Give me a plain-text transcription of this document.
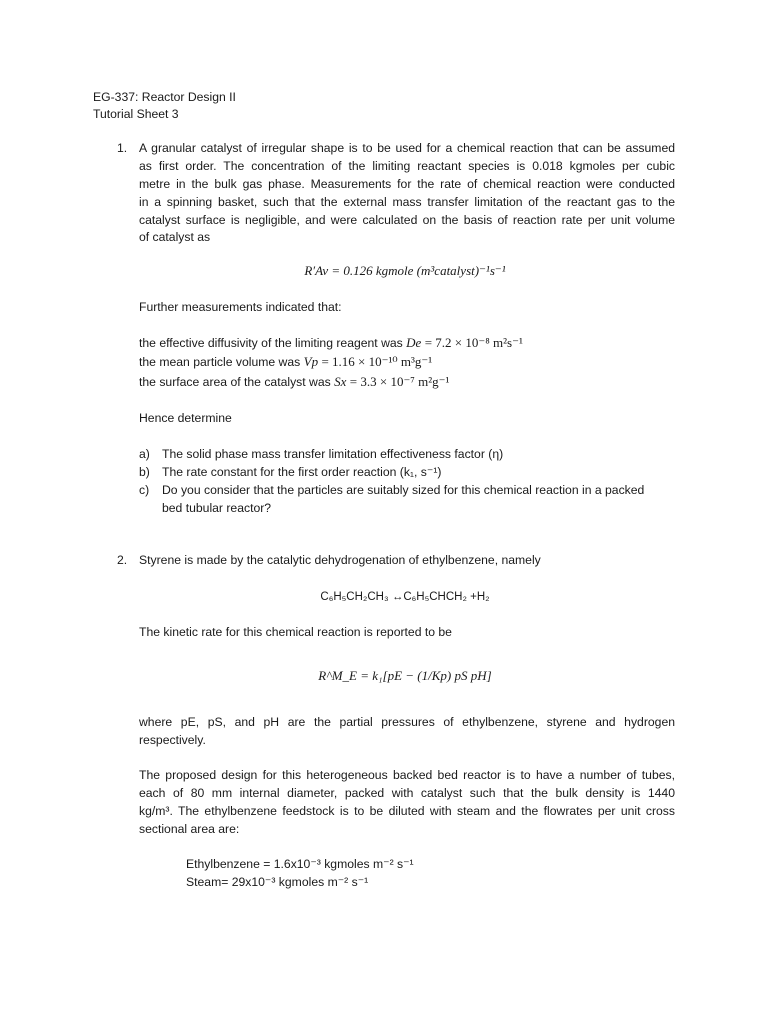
EG-337: Reactor Design II
Tutorial Sheet 3
1. A granular catalyst of irregular shape is to be used for a chemical reaction that can be assumed
as first order. The concentration of the limiting reactant species is 0.018 kgmoles per cubic
metre in the bulk gas phase. Measurements for the rate of chemical reaction were conducted
in a spinning basket, such that the external mass transfer limitation of the reactant gas to the
catalyst surface is negligible, and were calculated on the basis of reaction rate per unit volume
of catalyst as
R′Av = 0.126 kgmole (m³catalyst)⁻¹s⁻¹
Further measurements indicated that:
the effective diffusivity of the limiting reagent was De = 7.2 × 10⁻⁸ m²s⁻¹
the mean particle volume was Vp = 1.16 × 10⁻¹⁰ m³g⁻¹
the surface area of the catalyst was Sx = 3.3 × 10⁻⁷ m²g⁻¹
Hence determine
a) The solid phase mass transfer limitation effectiveness factor (η)
b) The rate constant for the first order reaction (k₁, s⁻¹)
c) Do you consider that the particles are suitably sized for this chemical reaction in a packed
bed tubular reactor?
2. Styrene is made by the catalytic dehydrogenation of ethylbenzene, namely
C₆H₅CH₂CH₃ ↔C₆H₅CHCH₂ +H₂
The kinetic rate for this chemical reaction is reported to be
R^M_E = k₁[pE − (1/Kp) pS pH]
where pE, pS, and pH are the partial pressures of ethylbenzene, styrene and hydrogen
respectively.
The proposed design for this heterogeneous backed bed reactor is to have a number of tubes,
each of 80 mm internal diameter, packed with catalyst such that the bulk density is 1440
kg/m³. The ethylbenzene feedstock is to be diluted with steam and the flowrates per unit cross
sectional area are:
Ethylbenzene = 1.6x10⁻³ kgmoles m⁻² s⁻¹
Steam= 29x10⁻³ kgmoles m⁻² s⁻¹
